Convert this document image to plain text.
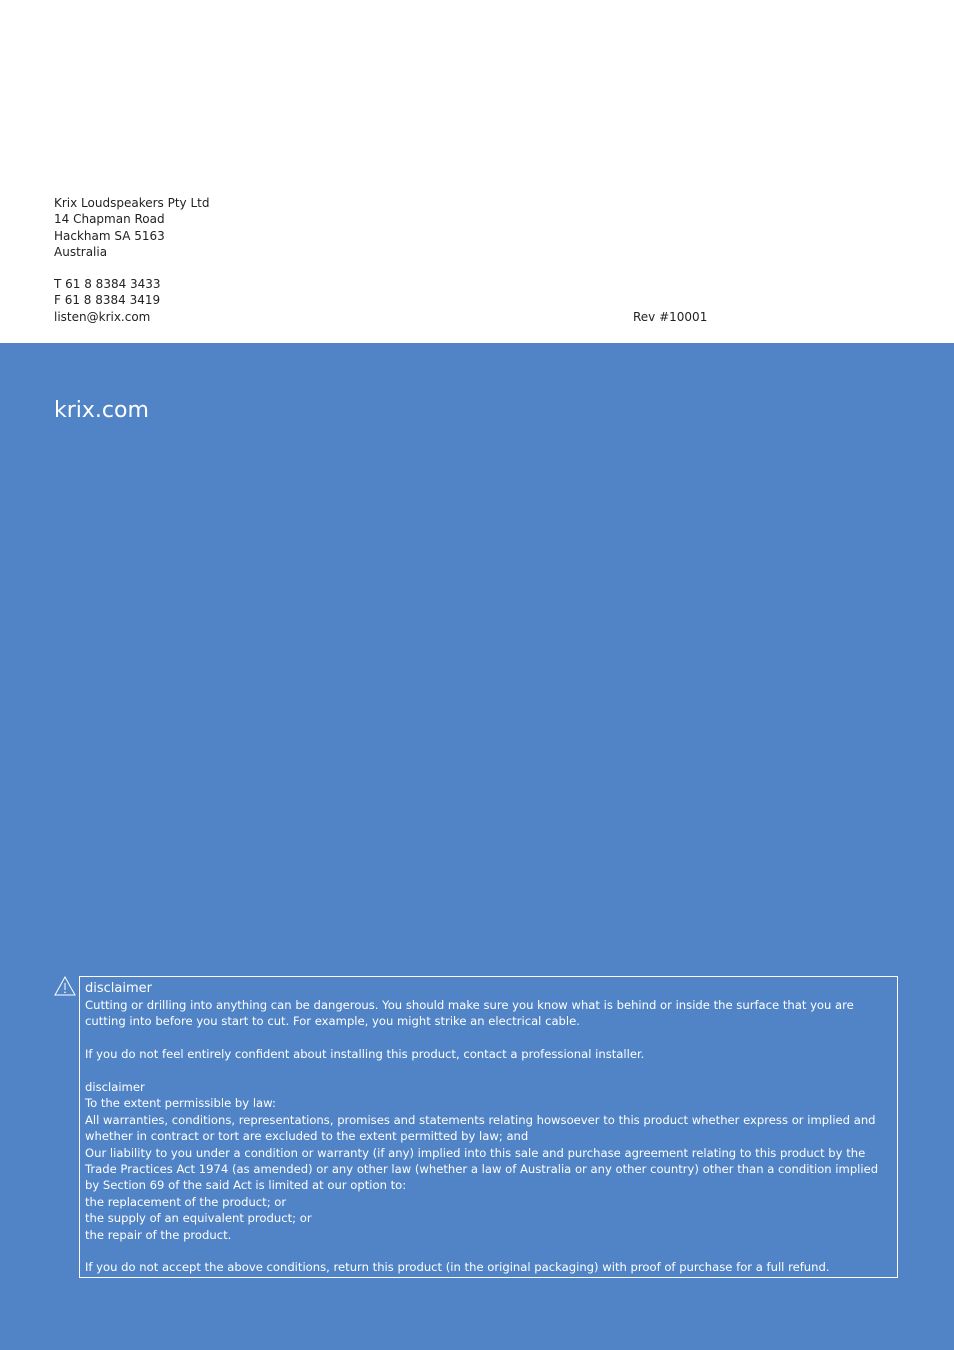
Krix Loudspeakers Pty Ltd
14 Chapman Road
Hackham SA 5163
Australia
T 61 8 8384 3433
F 61 8 8384 3419
listen@krix.com	Rev #10001
krix.com
disclaimer
Cutting or drilling into anything can be dangerous. You should make sure you know what is behind or inside the surface that you are cutting into before you start to cut. For example, you might strike an electrical cable.
If you do not feel entirely confident about installing this product, contact a professional installer.
disclaimer
To the extent permissible by law:
All warranties, conditions, representations, promises and statements relating howsoever to this product whether express or implied and whether in contract or tort are excluded to the extent permitted by law; and
Our liability to you under a condition or warranty (if any) implied into this sale and purchase agreement relating to this product by the Trade Practices Act 1974 (as amended) or any other law (whether a law of Australia or any other country) other than a condition implied by Section 69 of the said Act is limited at our option to:
the replacement of the product; or
the supply of an equivalent product; or
the repair of the product.
If you do not accept the above conditions, return this product (in the original packaging) with proof of purchase for a full refund.
